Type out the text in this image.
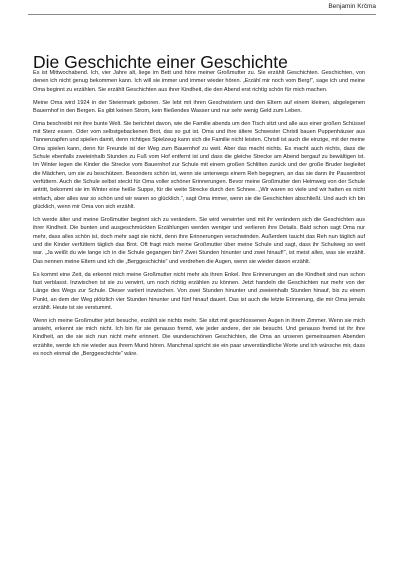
Benjamin Krčma
Die Geschichte einer Geschichte

Es ist Mittwochabend. Ich, vier Jahre alt, liege im Bett und höre meiner Großmutter zu. Sie erzählt Geschichten. Geschichten, von denen ich nicht genug bekommen kann. Ich will sie immer und immer wieder hören. „Erzähl mir noch vom Berg!“, sage ich und meine Oma beginnt zu erzählen. Sie erzählt Geschichten aus ihrer Kindheit, die den Abend erst richtig schön für mich machen.

Meine Oma wird 1924 in der Steiermark geboren. Sie lebt mit ihren Geschwistern und den Eltern auf einem kleinen, abgelegenen Bauernhof in den Bergen. Es gibt keinen Strom, kein fließendes Wasser und nur sehr wenig Geld zum Leben.

Oma beschreibt mir ihre bunte Welt. Sie berichtet davon, wie die Familie abends um den Tisch sitzt und alle aus einer großen Schüssel mit Sterz essen. Oder vom selbstgebackenen Brot, das so gut ist. Oma und ihre ältere Schwester Christl bauen Puppenhäuser aus Tannenzapfen und spielen damit, denn richtiges Spielzeug kann sich die Familie nicht leisten. Christl ist auch die einzige, mit der meine Oma spielen kann, denn für Freunde ist der Weg zum Bauernhof zu weit. Aber das macht nichts. Es macht auch nichts, dass die Schule ebenfalls zweieinhalb Stunden zu Fuß vom Hof entfernt ist und dass die gleiche Strecke am Abend bergauf zu bewältigen ist. Im Winter legen die Kinder die Strecke vom Bauernhof zur Schule mit einem großen Schlitten zurück und der große Bruder begleitet die Mädchen, um sie zu beschützen. Besonders schön ist, wenn sie unterwegs einem Reh begegnen, an das sie dann ihr Pausenbrot verfüttern. Auch die Schule selbst steckt für Oma voller schöner Erinnerungen. Bevor meine Großmutter den Heimweg von der Schule antritt, bekommt sie im Winter eine heiße Suppe, für die weite Strecke durch den Schnee. „Wir waren so viele und wir hatten es nicht einfach, aber alles war so schön und wir waren so glücklich.“, sagt Oma immer, wenn sie die Geschichten abschließt. Und auch ich bin glücklich, wenn mir Oma von sich erzählt.

Ich werde älter und meine Großmutter beginnt sich zu verändern. Sie wird verwirrter und mit ihr verändern sich die Geschichten aus ihrer Kindheit. Die bunten und ausgeschmückten Erzählungen werden weniger und verlieren ihre Details. Bald schon sagt Oma nur mehr, dass alles schön ist, doch mehr sagt sie nicht, denn ihre Erinnerungen verschwinden. Außerdem taucht das Reh nun täglich auf und die Kinder verfüttern täglich das Brot. Oft fragt mich meine Großmutter über meine Schule und sagt, dass ihr Schulweg so weit war. „Ja weißt du wie lange ich in die Schule gegangen bin? Zwei Stunden hinunter und zwei hinauf!“, ist meist alles, was sie erzählt. Das nennen meine Eltern und ich die „Berggeschichte“ und verdrehen die Augen, wenn sie wieder davon erzählt.

Es kommt eine Zeit, da erkennt mich meine Großmutter nicht mehr als ihren Enkel. Ihre Erinnerungen an die Kindheit sind nun schon fast verblasst. Inzwischen ist sie zu verwirrt, um noch richtig erzählen zu können. Jetzt handeln die Geschichten nur mehr von der Länge des Wegs zur Schule. Dieser variiert inzwischen. Von zwei Stunden hinunter und zweieinhalb Stunden hinauf, bis zu einem Punkt, an dem der Weg plötzlich vier Stunden hinunter und fünf hinauf dauert. Das ist auch die letzte Erinnerung, die mir Oma jemals erzählt. Heute ist sie verstummt.

Wenn ich meine Großmutter jetzt besuche, erzählt sie nichts mehr. Sie sitzt mit geschlossenen Augen in ihrem Zimmer. Wenn sie mich ansieht, erkennt sie mich nicht. Ich bin für sie genauso fremd, wie jeder andere, der sie besucht. Und genauso fremd ist ihr ihre Kindheit, an die sie sich nun nicht mehr erinnert. Die wunderschönen Geschichten, die Oma an unseren gemeinsamen Abenden erzählte, werde ich nie wieder aus ihrem Mund hören. Manchmal spricht sie ein paar unverständliche Worte und ich wünsche mir, dass es noch einmal die „Berggeschichte“ wäre.
